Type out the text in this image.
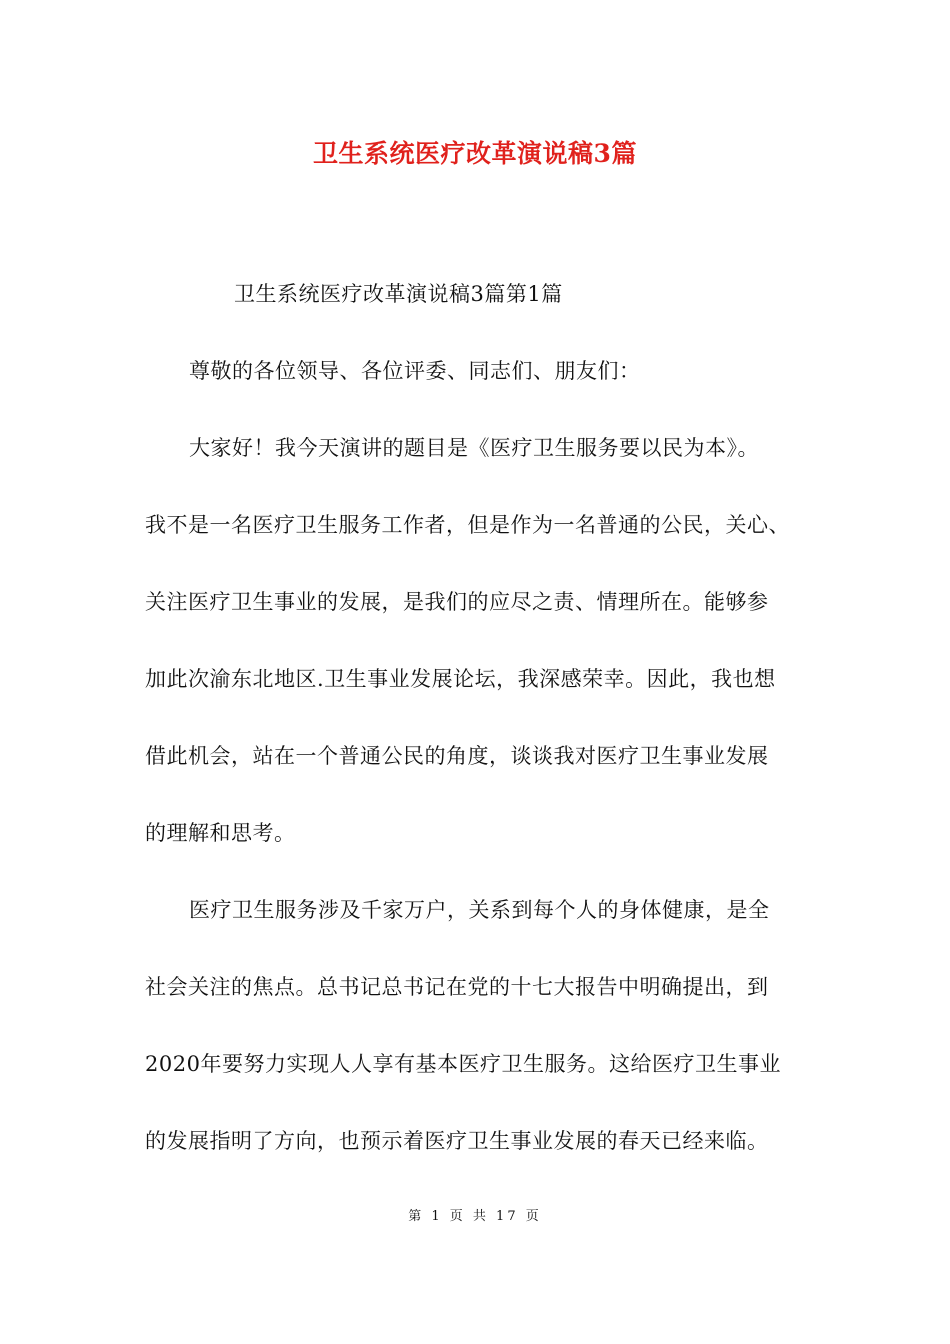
卫生系统医疗改革演说稿3篇
卫生系统医疗改革演说稿3篇第1篇
尊敬的各位领导、各位评委、同志们、朋友们：
大家好！我今天演讲的题目是《医疗卫生服务要以民为本》。
我不是一名医疗卫生服务工作者，但是作为一名普通的公民，关心、
关注医疗卫生事业的发展，是我们的应尽之责、情理所在。能够参
加此次渝东北地区.卫生事业发展论坛，我深感荣幸。因此，我也想
借此机会，站在一个普通公民的角度，谈谈我对医疗卫生事业发展
的理解和思考。
医疗卫生服务涉及千家万户，关系到每个人的身体健康，是全
社会关注的焦点。总书记总书记在党的十七大报告中明确提出，到
2020年要努力实现人人享有基本医疗卫生服务。这给医疗卫生事业
的发展指明了方向，也预示着医疗卫生事业发展的春天已经来临。
第 1 页 共 17 页
